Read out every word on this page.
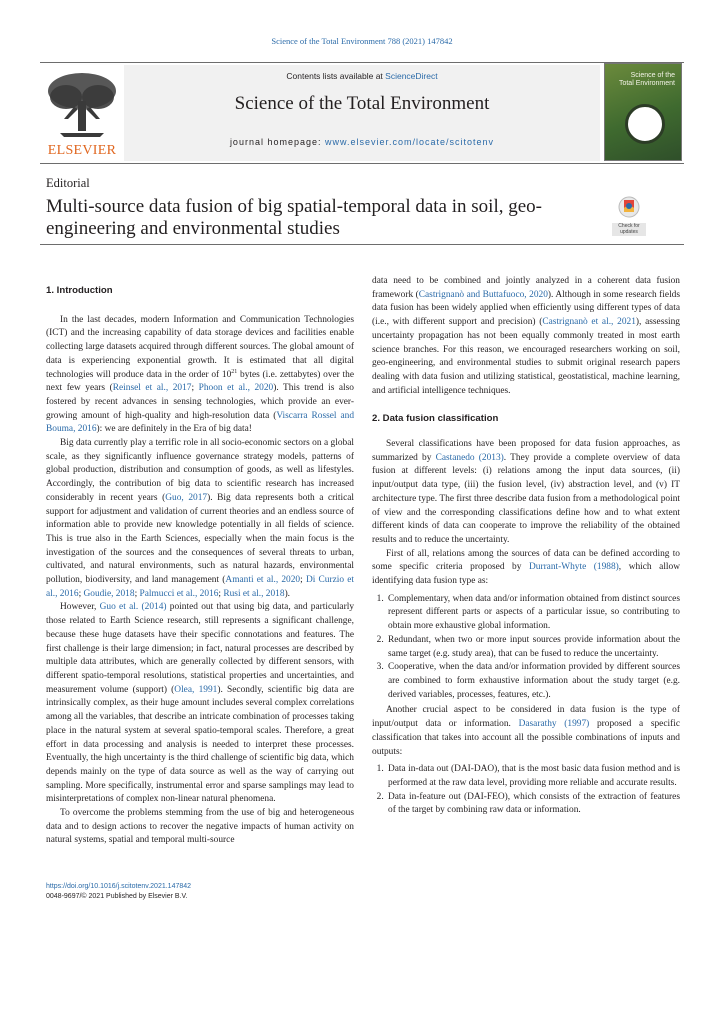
Science of the Total Environment 788 (2021) 147842
ELSEVIER
Contents lists available at ScienceDirect
Science of the Total Environment
journal homepage: www.elsevier.com/locate/scitotenv
Science of the Total Environment
Editorial
Multi-source data fusion of big spatial-temporal data in soil, geo-engineering and environmental studies	Check for updates
1. Introduction

In the last decades, modern Information and Communication Technologies (ICT) and the increasing capability of data storage devices and facilities enable collecting large datasets acquired through different sources. The global amount of data is experiencing exponential growth. It is estimated that all digital technologies will produce data in the order of $10^{21}$ bytes (i.e. zettabytes) over the next few years (Reinsel et al., 2017; Phoon et al., 2020). This trend is also fostered by recent advances in sensing technologies, which provide an ever-growing amount of high-quality and high-resolution data (Viscarra Rossel and Bouma, 2016): we are definitely in the Era of big data!

Big data currently play a terrific role in all socio-economic sectors on a global scale, as they significantly influence governance strategy models, patterns of global production, distribution and consumption of goods, as well as lifestyles. Accordingly, the contribution of big data to scientific research has increased considerably in recent years (Guo, 2017). Big data represents both a critical support for adjustment and validation of current theories and an endless source of information able to provide new knowledge potentially in all fields of science. This is true also in the Earth Sciences, especially when the main focus is the investigation of the sources and the consequences of several threats to urban, cultivated, and natural environments, such as natural hazards, environmental pollution, biodiversity, and land management (Amanti et al., 2020; Di Curzio et al., 2016; Goudie, 2018; Palmucci et al., 2016; Rusi et al., 2018).

However, Guo et al. (2014) pointed out that using big data, and particularly those related to Earth Science research, still represents a significant challenge, because these huge datasets have their specific connotations and features. The first challenge is their large dimension; in fact, natural processes are described by multiple data attributes, which are generally collected by different sensors, with different spatio-temporal resolutions, statistical properties and uncertainties, and measurement volume (support) (Olea, 1991). Secondly, scientific big data are intrinsically complex, as their huge amount includes several complex correlations among all the variables, that describe an intricate combination of processes taking place in the natural system at several spatio-temporal scales. Therefore, a great effort in data processing and analysis is needed to interpret these processes. Eventually, the high uncertainty is the third challenge of scientific big data, which depends mainly on the type of data source as well as the way of carrying out sampling. More specifically, instrumental error and sparse samplings may lead to misinterpretations of complex non-linear natural phenomena.

To overcome the problems stemming from the use of big and heterogeneous data and to design actions to recover the negative impacts of human activity on natural systems, spatial and temporal multi-source

data need to be combined and jointly analyzed in a coherent data fusion framework (Castrignanò and Buttafuoco, 2020). Although in some research fields data fusion has been widely applied when efficiently using different types of data (i.e., with different support and precision) (Castrignanò et al., 2021), assessing uncertainty propagation has not been equally commonly treated in most earth science branches. For this reason, we encouraged researchers working on soil, geo-engineering, and environmental studies to submit original research papers dealing with data fusion and utilizing statistical, geostatistical, machine learning, and artificial intelligence techniques.

2. Data fusion classification

Several classifications have been proposed for data fusion approaches, as summarized by Castanedo (2013). They provide a complete overview of data fusion at different levels: (i) relations among the input data sources, (ii) input/output data type, (iii) the fusion level, (iv) abstraction level, and (v) IT architecture type. The first three describe data fusion from a methodological point of view and the corresponding classifications define how and to what extent different kinds of data can cooperate to improve the reliability of the obtained results and to reduce the uncertainty.

First of all, relations among the sources of data can be defined according to some specific criteria proposed by Durrant-Whyte (1988), which allow identifying data fusion type as:

1. Complementary, when data and/or information obtained from distinct sources represent different parts or aspects of a particular issue, so contributing to obtain more exhaustive global information.
2. Redundant, when two or more input sources provide information about the same target (e.g. study area), that can be fused to reduce the uncertainty.
3. Cooperative, when the data and/or information provided by different sources are combined to form exhaustive information about the study target (e.g. derived variables, processes, features, etc.).

Another crucial aspect to be considered in data fusion is the type of input/output data or information. Dasarathy (1997) proposed a specific classification that takes into account all the possible combinations of inputs and outputs:

1. Data in-data out (DAI-DAO), that is the most basic data fusion method and is performed at the raw data level, providing more reliable and accurate results.
2. Data in-feature out (DAI-FEO), which consists of the extraction of features of the target by combining raw data or information.
https://doi.org/10.1016/j.scitotenv.2021.147842
0048-9697/© 2021 Published by Elsevier B.V.
